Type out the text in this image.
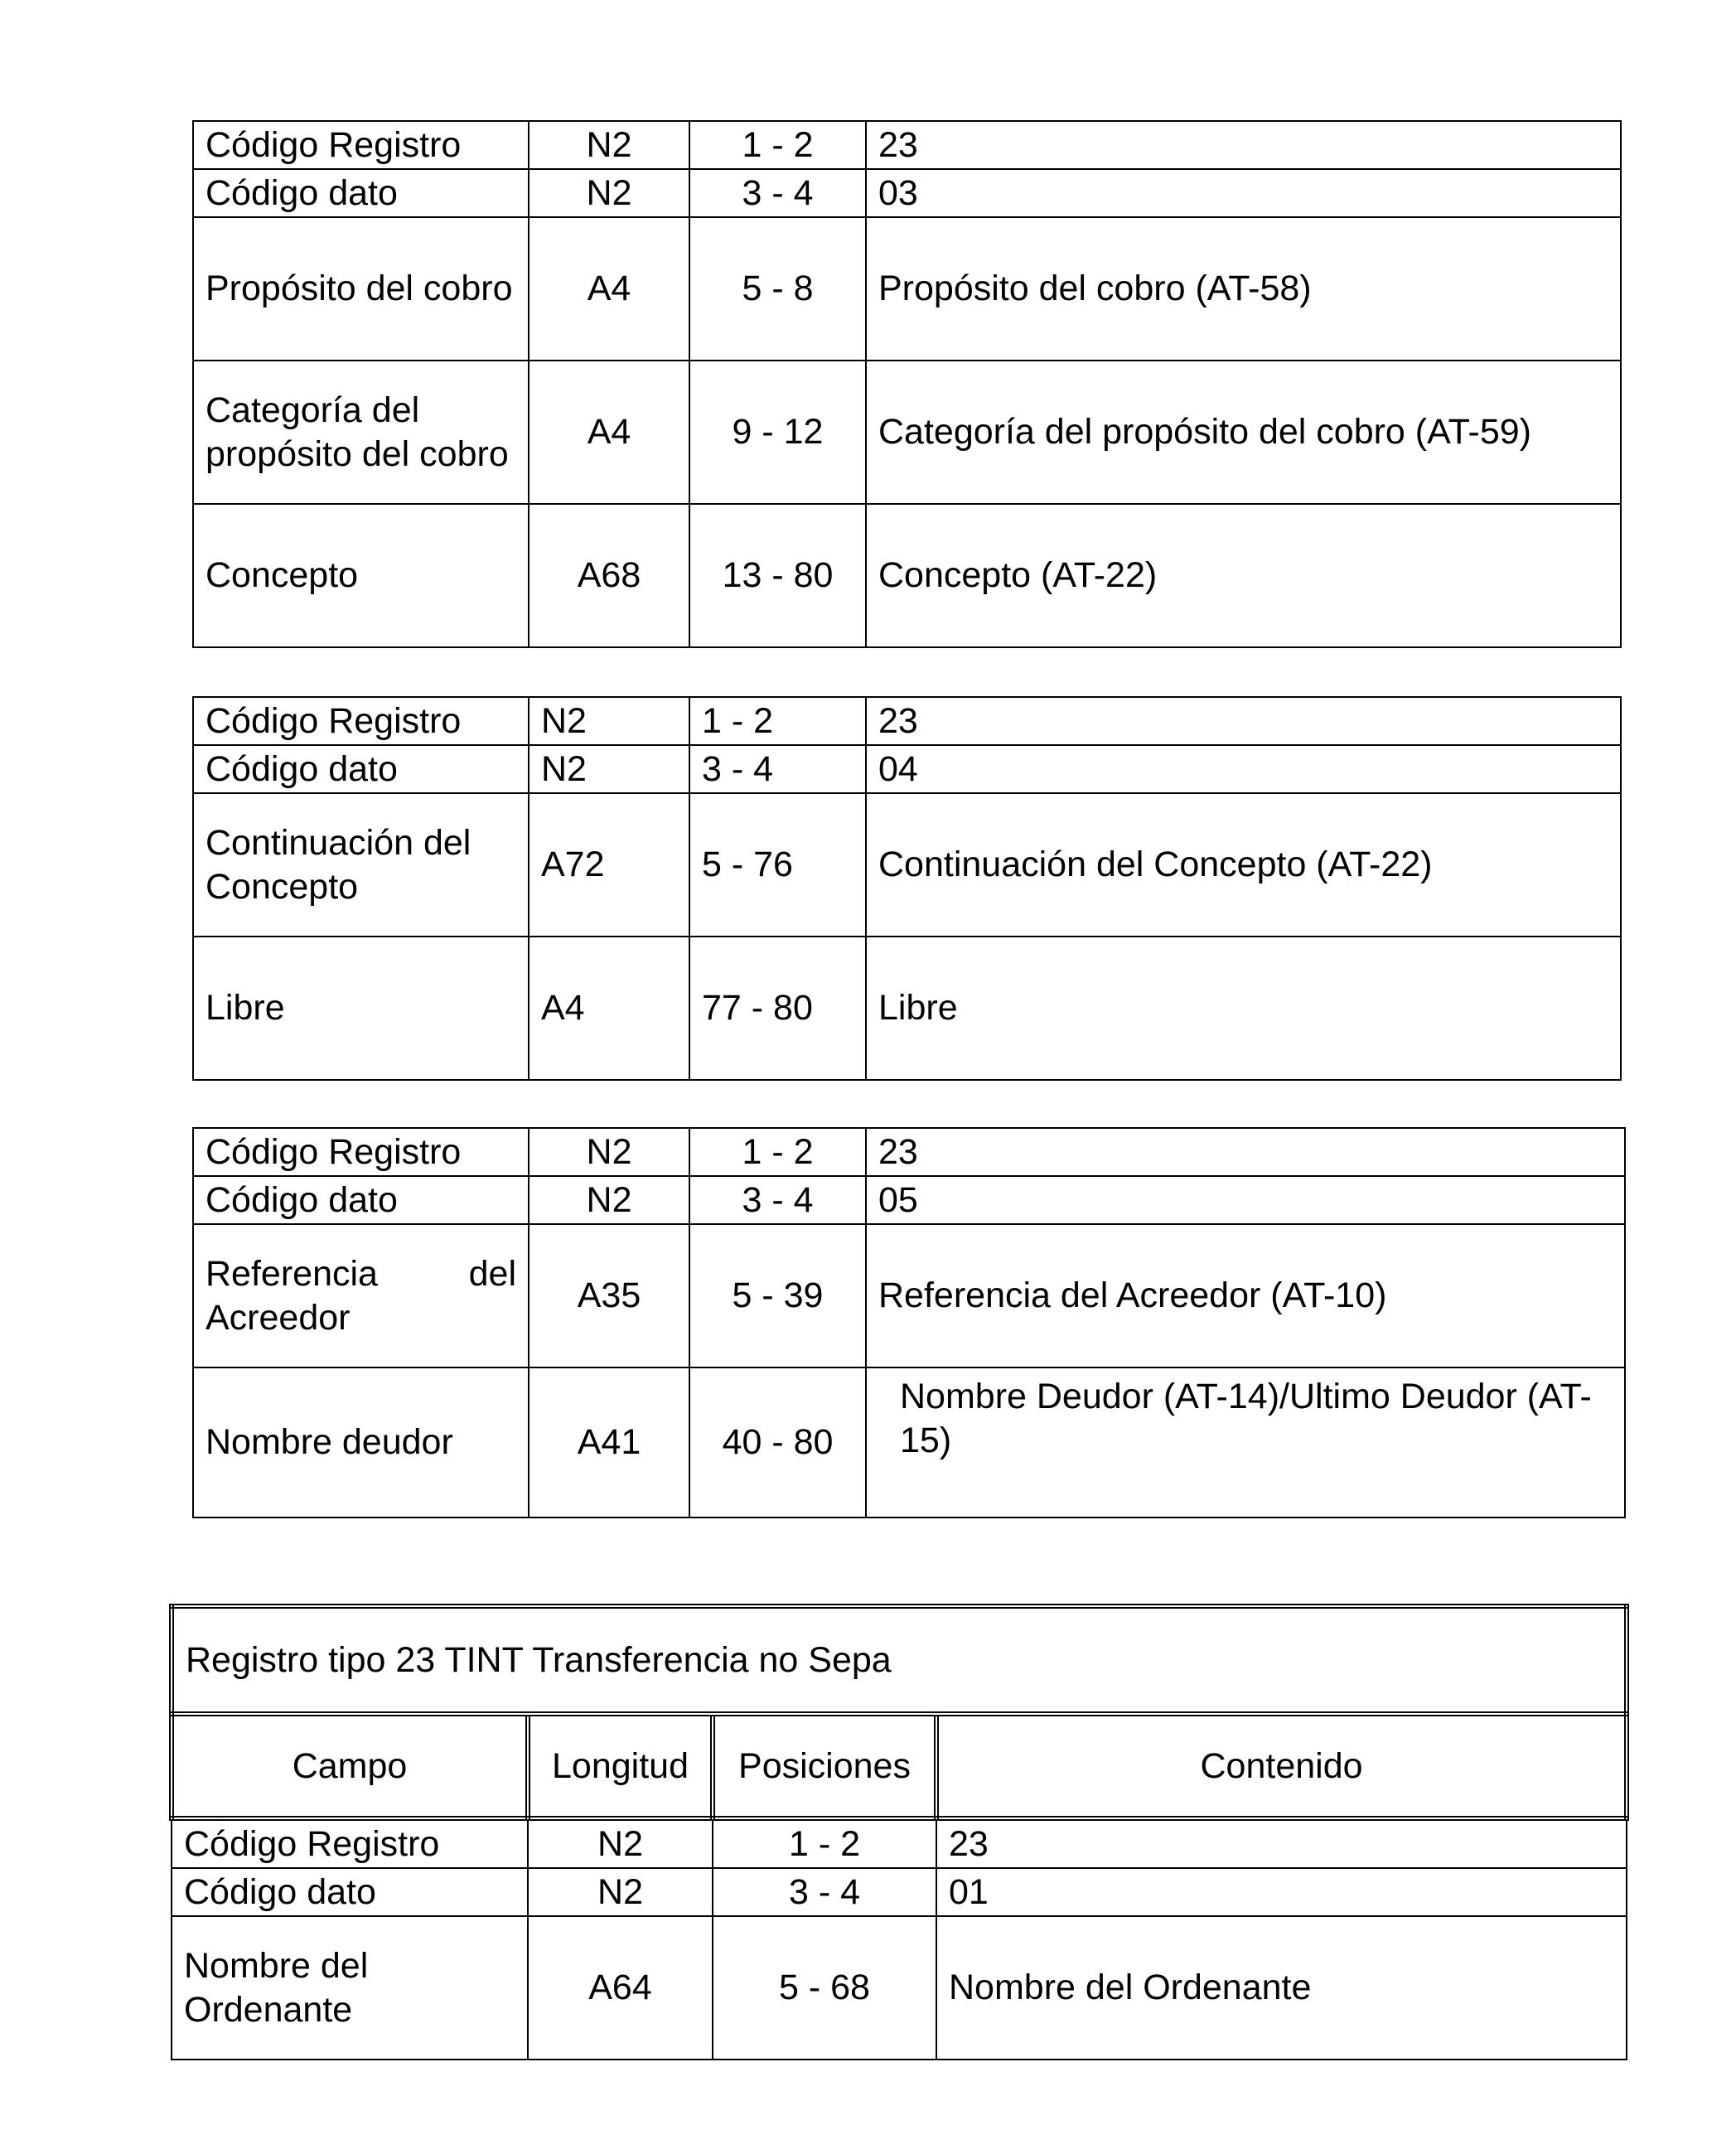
Código Registro	N2	1 - 2	23
Código dato	N2	3 - 4	03
Propósito del cobro	A4	5 - 8	Propósito del cobro (AT-58)
Categoría del propósito del cobro	A4	9 - 12	Categoría del propósito del cobro (AT-59)
Concepto	A68	13 - 80	Concepto (AT-22)
Código Registro	N2	1 - 2	23
Código dato	N2	3 - 4	04
Continuación del Concepto	A72	5 - 76	Continuación del Concepto (AT-22)
Libre	A4	77 - 80	Libre
Código Registro	N2	1 - 2	23
Código dato	N2	3 - 4	05
Referencia del Acreedor	A35	5 - 39	Referencia del Acreedor (AT-10)
Nombre deudor	A41	40 - 80	Nombre Deudor (AT-14)/Ultimo Deudor (AT-15)
Registro tipo 23 TINT Transferencia no Sepa			
Campo	Longitud	Posiciones	Contenido
Código Registro	N2	1 - 2	23
Código dato	N2	3 - 4	01
Nombre del Ordenante	A64	5 - 68	Nombre del Ordenante
